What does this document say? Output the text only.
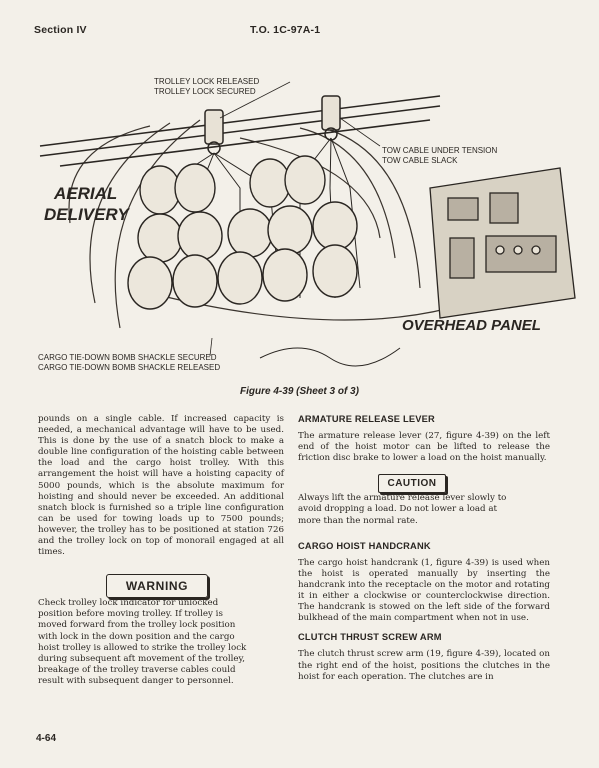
Section IV	T.O. 1C-97A-1
TROLLEY LOCK RELEASED
TROLLEY LOCK SECURED
TOW CABLE UNDER TENSION
TOW CABLE SLACK
AERIAL
DELIVERY
OVERHEAD PANEL
CARGO TIE-DOWN BOMB SHACKLE SECURED
CARGO TIE-DOWN BOMB SHACKLE RELEASED
Figure 4-39 (Sheet 3 of 3)

pounds on a single cable. If increased capacity is needed, a mechanical advantage will have to be used. This is done by the use of a snatch block to make a double line configuration of the hoisting cable between the load and the cargo hoist trolley. With this arrangement the hoist will have a hoisting capacity of 5000 pounds, which is the absolute maximum for hoisting and should never be exceeded. An additional snatch block is furnished so a triple line configuration can be used for towing loads up to 7500 pounds; however, the trolley has to be positioned at station 726 and the trolley lock on top of monorail engaged at all times.

WARNING

Check trolley lock indicator for unlocked position before moving trolley. If trolley is moved forward from the trolley lock position with lock in the down position and the cargo hoist trolley is allowed to strike the trolley lock during subsequent aft movement of the trolley, breakage of the trolley traverse cables could result with subsequent danger to personnel.

ARMATURE RELEASE LEVER

The armature release lever (27, figure 4-39) on the left end of the hoist motor can be lifted to release the friction disc brake to lower a load on the hoist manually.

CAUTION

Always lift the armature release lever slowly to avoid dropping a load. Do not lower a load at more than the normal rate.

CARGO HOIST HANDCRANK

The cargo hoist handcrank (1, figure 4-39) is used when the hoist is operated manually by inserting the handcrank into the receptacle on the motor and rotating it in either a clockwise or counterclockwise direction. The handcrank is stowed on the left side of the forward bulkhead of the main compartment when not in use.

CLUTCH THRUST SCREW ARM

The clutch thrust screw arm (19, figure 4-39), located on the right end of the hoist, positions the clutches in the hoist for each operation. The clutches are in

4-64
